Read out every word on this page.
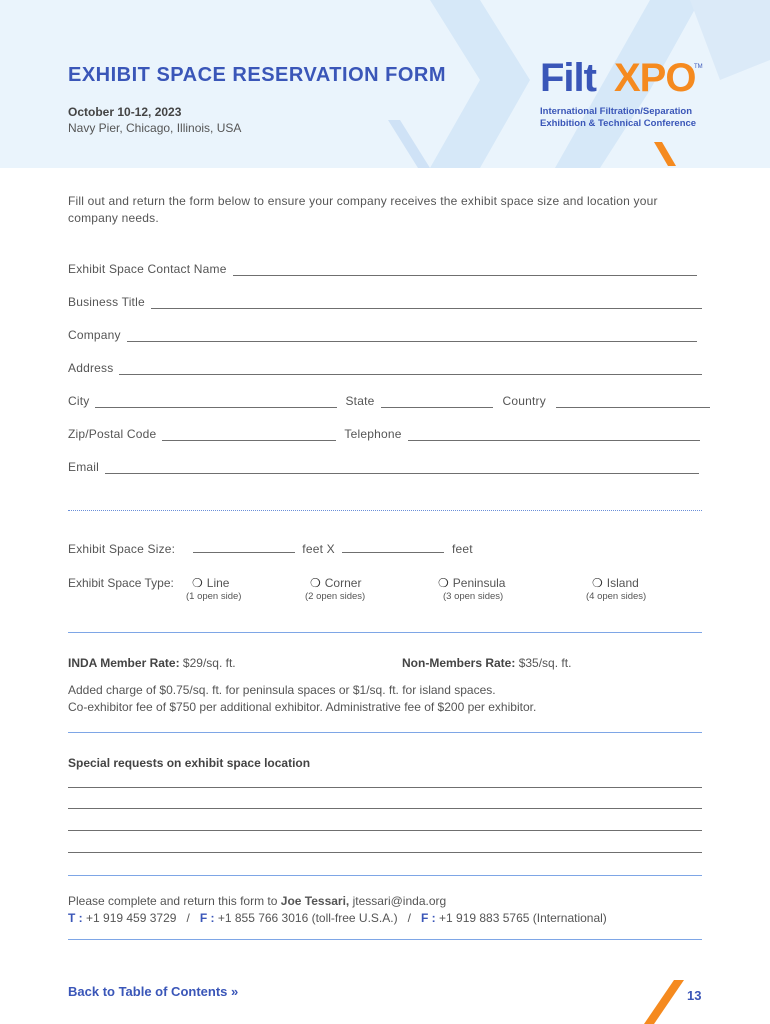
EXHIBIT SPACE RESERVATION FORM
October 10-12, 2023
Navy Pier, Chicago, Illinois, USA
Filt XPO
TM
International Filtration/Separation
Exhibition & Technical Conference
Fill out and return the form below to ensure your company receives the exhibit space size and location your company needs.
Exhibit Space Contact Name
Business Title
Company
Address
City	State	Country
Zip/Postal Code	Telephone
Email
Exhibit Space Size:	feet X	feet
Exhibit Space Type: ❍ Line
(1 open side)
❍ Corner
(2 open sides)
❍ Peninsula
(3 open sides)
❍ Island
(4 open sides)
INDA Member Rate: $29/sq. ft.	Non-Members Rate: $35/sq. ft.
Added charge of $0.75/sq. ft. for peninsula spaces or $1/sq. ft. for island spaces.
Co-exhibitor fee of $750 per additional exhibitor. Administrative fee of $200 per exhibitor.
Special requests on exhibit space location
Please complete and return this form to Joe Tessari, jtessari@inda.org
T : +1 919 459 3729 / F : +1 855 766 3016 (toll-free U.S.A.) / F : +1 919 883 5765 (International)
Back to Table of Contents »	13
